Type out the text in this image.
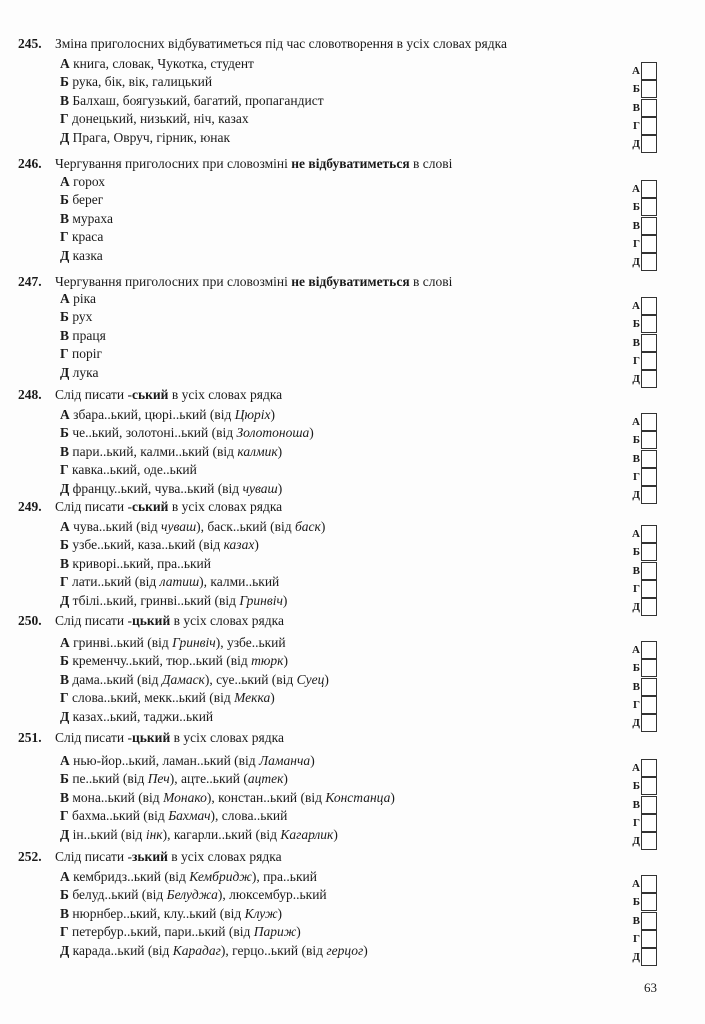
245. Зміна приголосних відбуватиметься під час словотворення в усіх словах рядка
А книга, словак, Чукотка, студент
Б рука, бік, вік, галицький
В Балхаш, боягузький, багатий, пропагандист
Г донецький, низький, ніч, казах
Д Прага, Овруч, гірник, юнак
А
Б
В
Г
Д
246. Чергування приголосних при словозміні не відбуватиметься в слові
А горох
Б берег
В мураха
Г краса
Д казка
А
Б
В
Г
Д
247. Чергування приголосних при словозміні не відбуватиметься в слові
А ріка
Б рух
В праця
Г поріг
Д лука
А
Б
В
Г
Д
248. Слід писати -ський в усіх словах рядка
А збара..ький, цюрі..ький (від Цюріх)
Б че..ький, золотоні..ький (від Золотоноша)
В пари..ький, калми..ький (від калмик)
Г кавка..ький, оде..ький
Д францу..ький, чува..ький (від чуваш)
А
Б
В
Г
Д
249. Слід писати -ський в усіх словах рядка
А чува..ький (від чуваш), баск..ький (від баск)
Б узбе..ький, каза..ький (від казах)
В криворі..ький, пра..ький
Г лати..ький (від латиш), калми..ький
Д тбілі..ький, гринві..ький (від Гринвіч)
А
Б
В
Г
Д
250. Слід писати -цький в усіх словах рядка
А гринві..ький (від Гринвіч), узбе..ький
Б кременчу..ький, тюр..ький (від тюрк)
В дама..ький (від Дамаск), суе..ький (від Суец)
Г слова..ький, мекк..ький (від Мекка)
Д казах..ький, таджи..ький
А
Б
В
Г
Д
251. Слід писати -цький в усіх словах рядка
А нью-йор..ький, ламан..ький (від Ламанча)
Б пе..ький (від Печ), ацте..ький (ацтек)
В мона..ький (від Монако), констан..ький (від Констанца)
Г бахма..ький (від Бахмач), слова..ький
Д ін..ький (від інк), кагарли..ький (від Кагарлик)
А
Б
В
Г
Д
252. Слід писати -зький в усіх словах рядка
А кембридз..ький (від Кембридж), пра..ький
Б белуд..ький (від Белуджа), люксембур..ький
В нюрнбер..ький, клу..ький (від Клуж)
Г петербур..ький, пари..ький (від Париж)
Д карада..ький (від Карадаг), герцо..ький (від герцог)
А
Б
В
Г
Д
63
